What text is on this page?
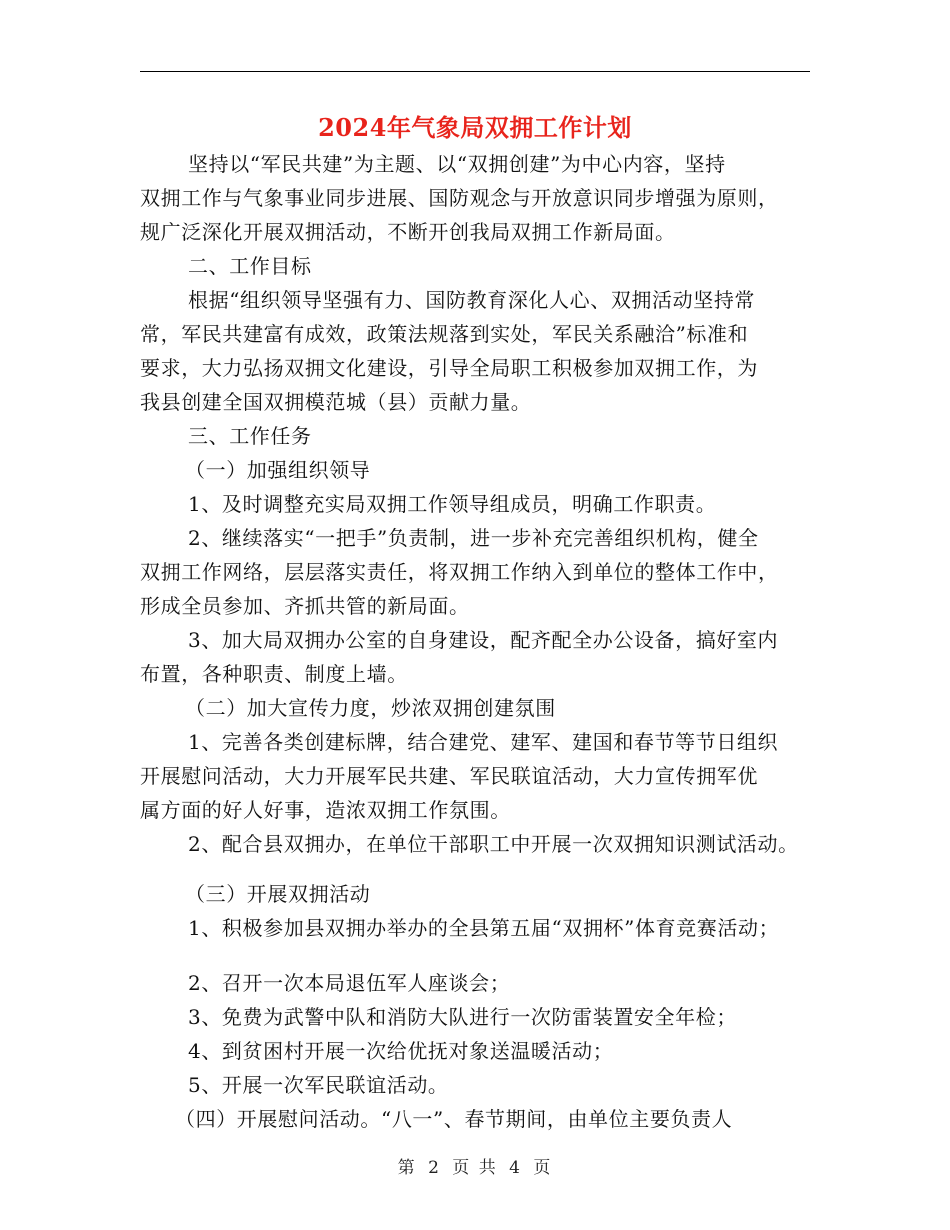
2024年气象局双拥工作计划

坚持以“军民共建”为主题、以“双拥创建”为中心内容，坚持

双拥工作与气象事业同步进展、国防观念与开放意识同步增强为原则，

规广泛深化开展双拥活动，不断开创我局双拥工作新局面。

二、工作目标

根据“组织领导坚强有力、国防教育深化人心、双拥活动坚持常

常，军民共建富有成效，政策法规落到实处，军民关系融洽”标准和

要求，大力弘扬双拥文化建设，引导全局职工积极参加双拥工作，为

我县创建全国双拥模范城（县）贡献力量。

三、工作任务

（一）加强组织领导

1、及时调整充实局双拥工作领导组成员，明确工作职责。

2、继续落实“一把手”负责制，进一步补充完善组织机构，健全

双拥工作网络，层层落实责任，将双拥工作纳入到单位的整体工作中，

形成全员参加、齐抓共管的新局面。

3、加大局双拥办公室的自身建设，配齐配全办公设备，搞好室内

布置，各种职责、制度上墙。

（二）加大宣传力度，炒浓双拥创建氛围

1、完善各类创建标牌，结合建党、建军、建国和春节等节日组织

开展慰问活动，大力开展军民共建、军民联谊活动，大力宣传拥军优

属方面的好人好事，造浓双拥工作氛围。

2、配合县双拥办，在单位干部职工中开展一次双拥知识测试活动。

（三）开展双拥活动

1、积极参加县双拥办举办的全县第五届“双拥杯”体育竞赛活动；

2、召开一次本局退伍军人座谈会；

3、免费为武警中队和消防大队进行一次防雷装置安全年检；

4、到贫困村开展一次给优抚对象送温暖活动；

5、开展一次军民联谊活动。

（四）开展慰问活动。“八一”、春节期间，由单位主要负责人

第 2 页 共 4 页
